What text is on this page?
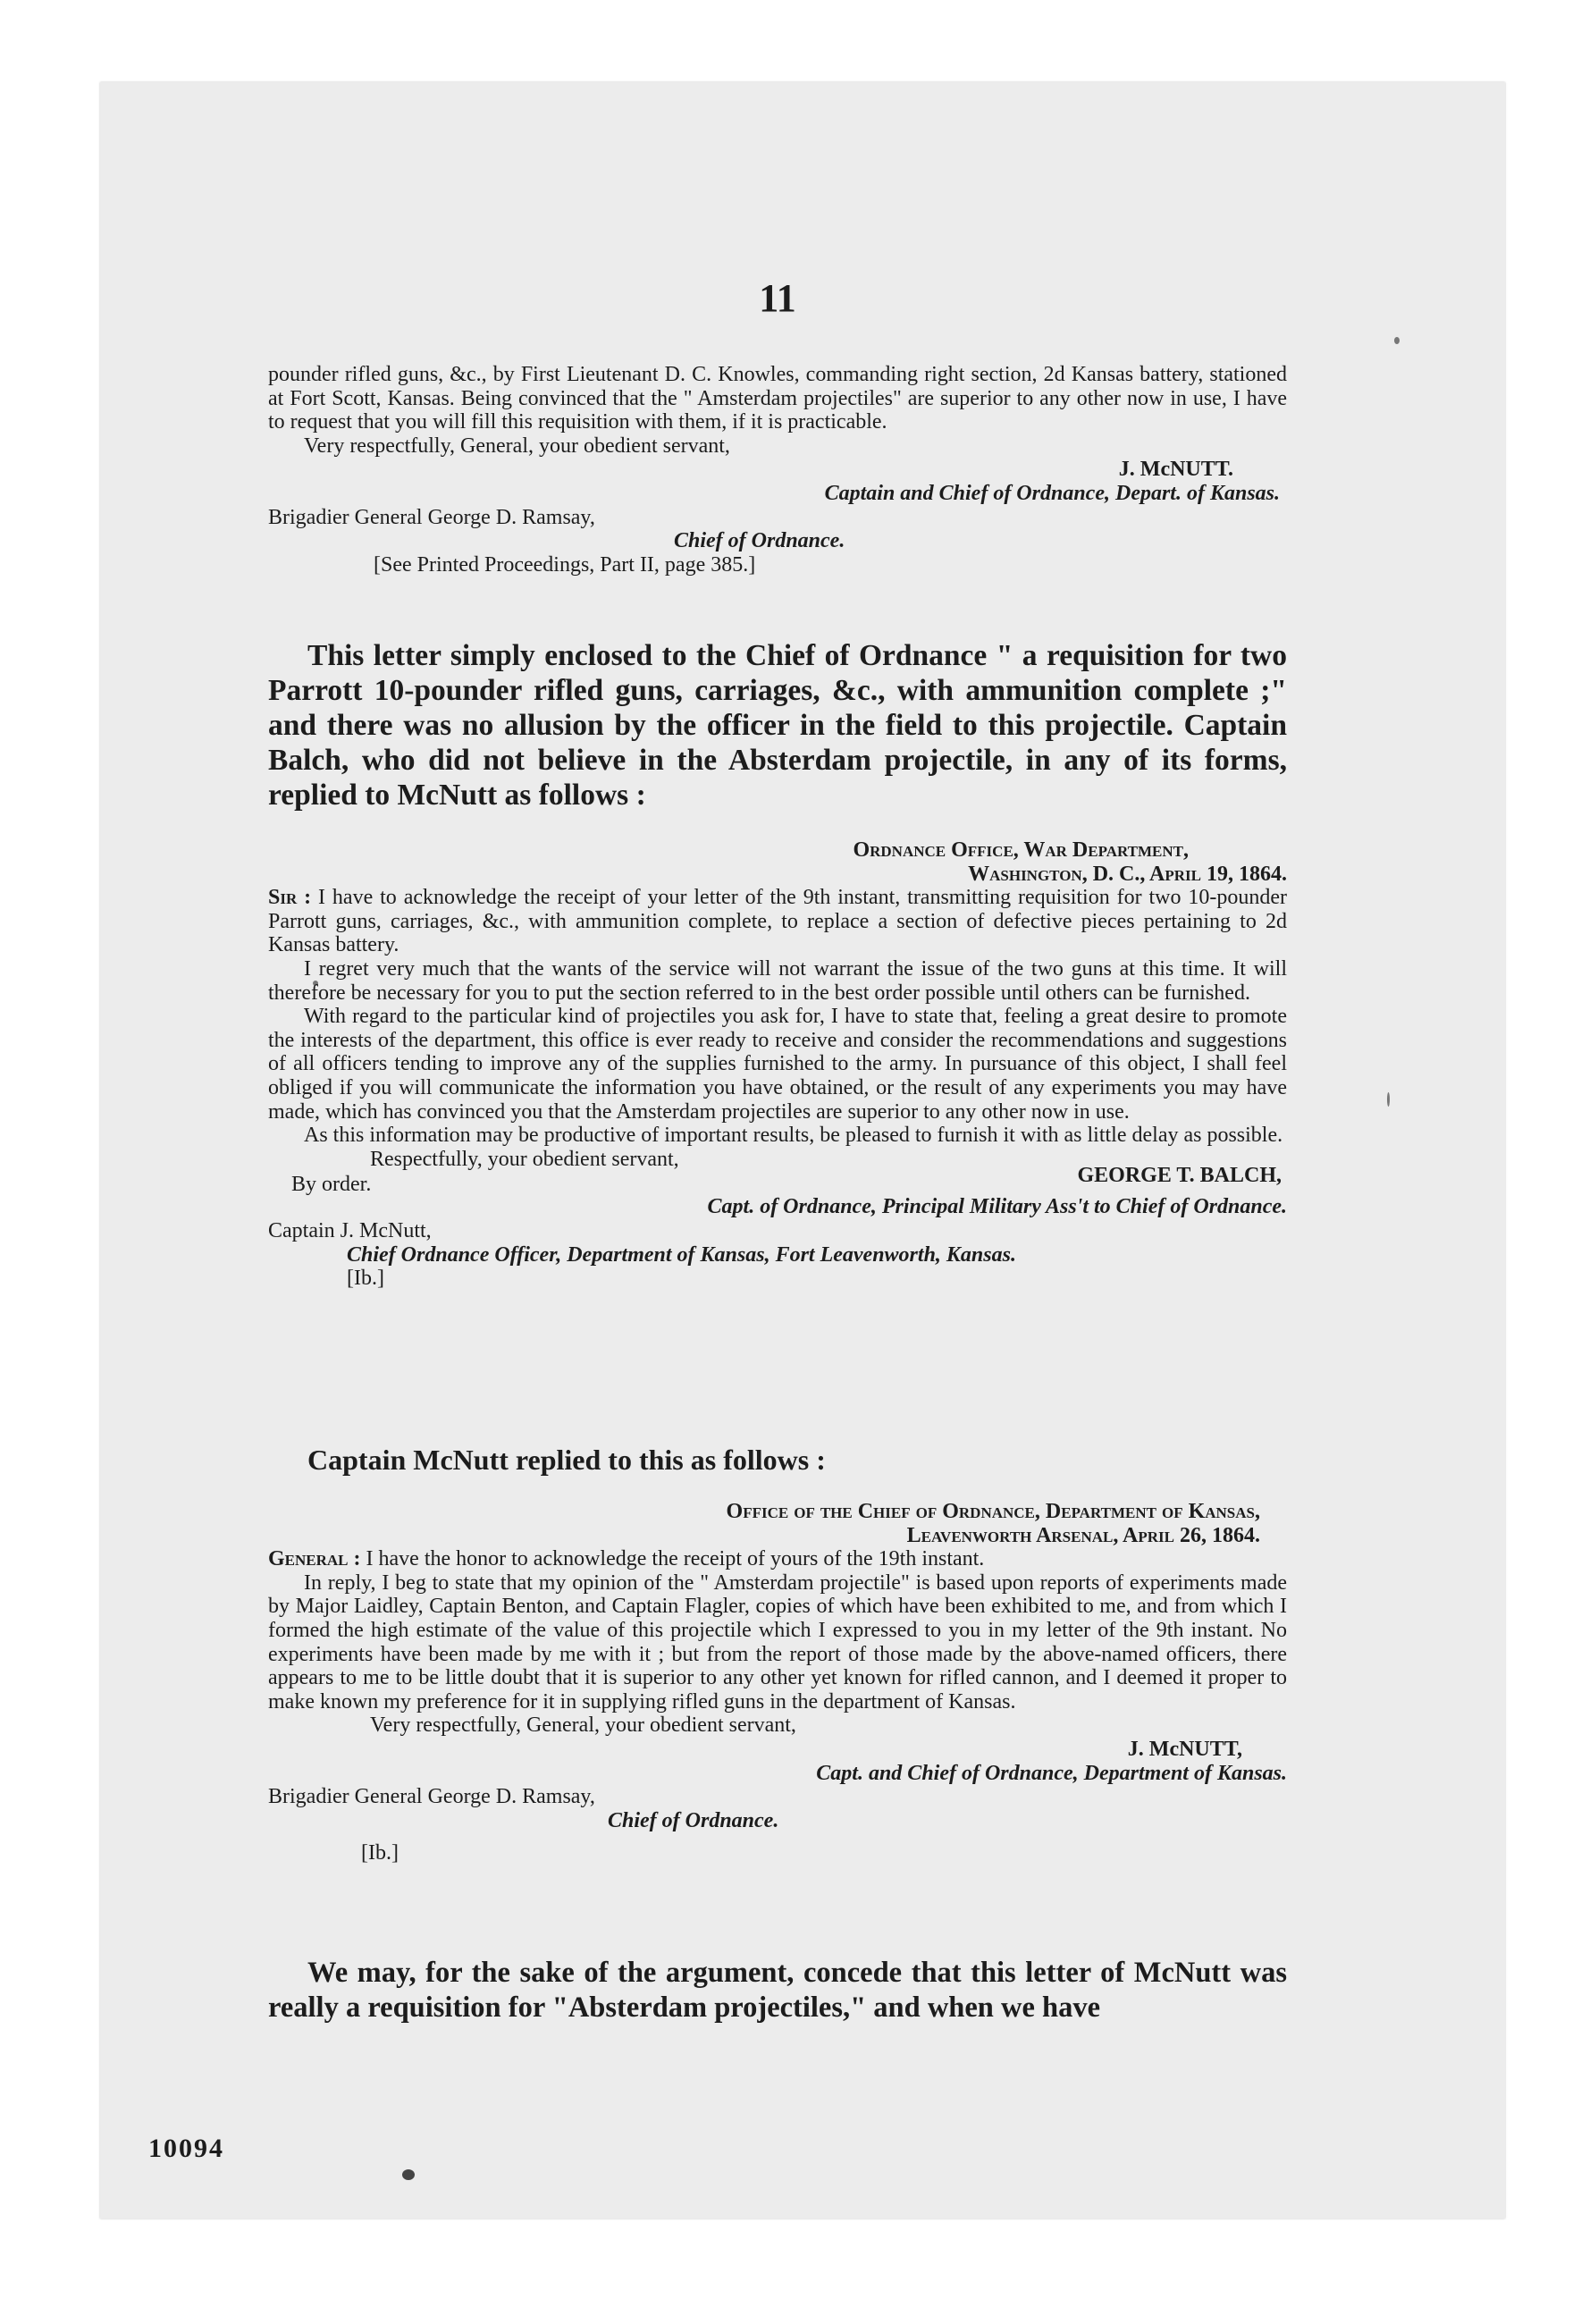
11

pounder rifled guns, &c., by First Lieutenant D. C. Knowles, commanding right section, 2d Kansas battery, stationed at Fort Scott, Kansas. Being convinced that the " Amsterdam projectiles" are superior to any other now in use, I have to request that you will fill this requisition with them, if it is practicable.

Very respectfully, General, your obedient servant,

J. McNUTT.

Captain and Chief of Ordnance, Depart. of Kansas.

Brigadier General George D. Ramsay,

Chief of Ordnance.

[See Printed Proceedings, Part II, page 385.]

This letter simply enclosed to the Chief of Ordnance " a requisition for two Parrott 10-pounder rifled guns, carriages, &c., with ammunition complete ;" and there was no allusion by the officer in the field to this projectile. Captain Balch, who did not believe in the Absterdam projectile, in any of its forms, replied to McNutt as follows :

Ordnance Office, War Department,

Washington, D. C., April 19, 1864.

Sir : I have to acknowledge the receipt of your letter of the 9th instant, transmitting requisition for two 10-pounder Parrott guns, carriages, &c., with ammunition complete, to replace a section of defective pieces pertaining to 2d Kansas battery.

I regret very much that the wants of the service will not warrant the issue of the two guns at this time. It will therefore be necessary for you to put the section referred to in the best order possible until others can be furnished.

With regard to the particular kind of projectiles you ask for, I have to state that, feeling a great desire to promote the interests of the department, this office is ever ready to receive and consider the recommendations and suggestions of all officers tending to improve any of the supplies furnished to the army. In pursuance of this object, I shall feel obliged if you will communicate the information you have obtained, or the result of any experiments you may have made, which has convinced you that the Amsterdam projectiles are superior to any other now in use.

As this information may be productive of important results, be pleased to furnish it with as little delay as possible.

Respectfully, your obedient servant,

By order.	GEORGE T. BALCH,

Capt. of Ordnance, Principal Military Ass't to Chief of Ordnance.

Captain J. McNutt,

Chief Ordnance Officer, Department of Kansas, Fort Leavenworth, Kansas.

[Ib.]

Captain McNutt replied to this as follows :

Office of the Chief of Ordnance, Department of Kansas,

Leavenworth Arsenal, April 26, 1864.

General : I have the honor to acknowledge the receipt of yours of the 19th instant.

In reply, I beg to state that my opinion of the " Amsterdam projectile" is based upon reports of experiments made by Major Laidley, Captain Benton, and Captain Flagler, copies of which have been exhibited to me, and from which I formed the high estimate of the value of this projectile which I expressed to you in my letter of the 9th instant. No experiments have been made by me with it ; but from the report of those made by the above-named officers, there appears to me to be little doubt that it is superior to any other yet known for rifled cannon, and I deemed it proper to make known my preference for it in supplying rifled guns in the department of Kansas.

Very respectfully, General, your obedient servant,

J. McNUTT,

Capt. and Chief of Ordnance, Department of Kansas.

Brigadier General George D. Ramsay,

Chief of Ordnance.

[Ib.]

We may, for the sake of the argument, concede that this letter of McNutt was really a requisition for "Absterdam projectiles," and when we have

10094
